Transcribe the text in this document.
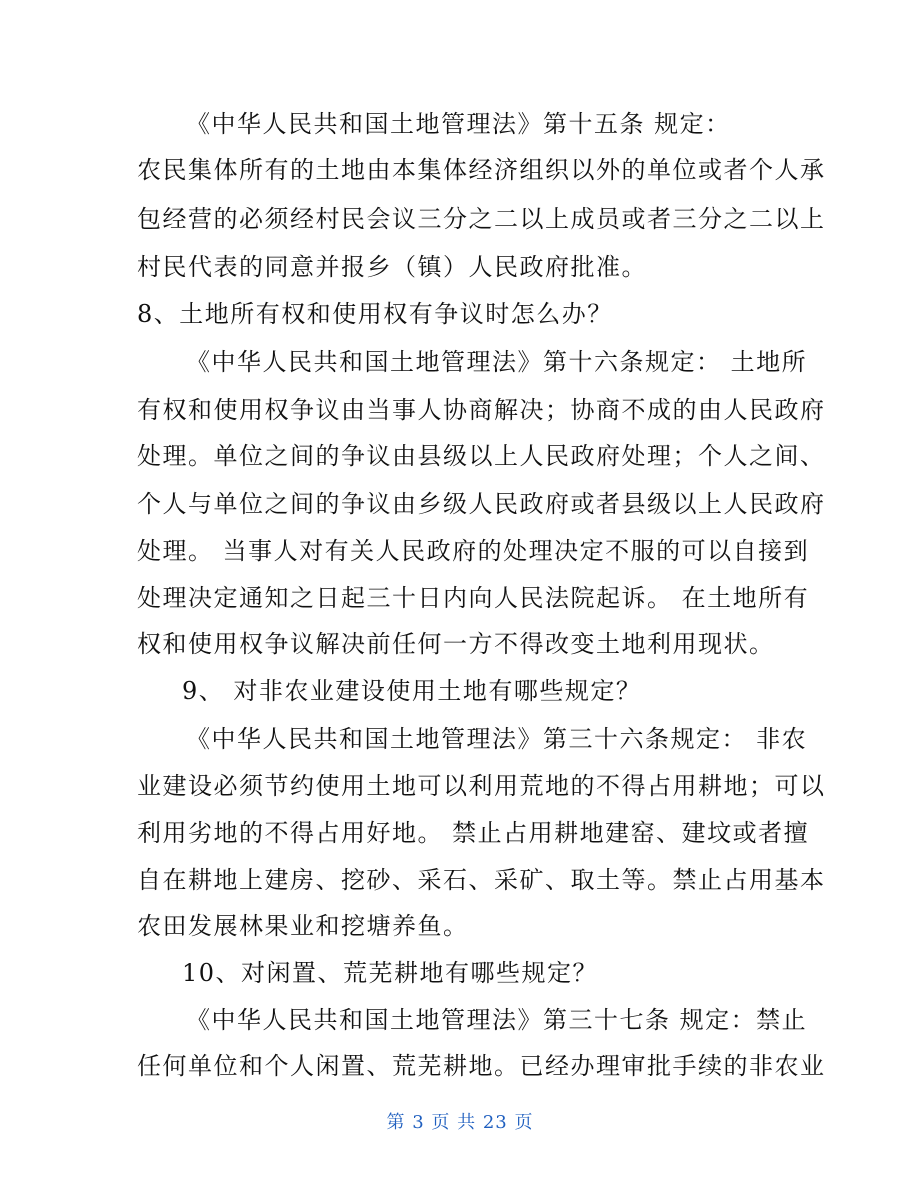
《中华人民共和国土地管理法》第十五条 规定：
农民集体所有的土地由本集体经济组织以外的单位或者个人承
包经营的必须经村民会议三分之二以上成员或者三分之二以上
村民代表的同意并报乡（镇）人民政府批准。
8、土地所有权和使用权有争议时怎么办？
《中华人民共和国土地管理法》第十六条规定： 土地所
有权和使用权争议由当事人协商解决；协商不成的由人民政府
处理。单位之间的争议由县级以上人民政府处理；个人之间、
个人与单位之间的争议由乡级人民政府或者县级以上人民政府
处理。 当事人对有关人民政府的处理决定不服的可以自接到
处理决定通知之日起三十日内向人民法院起诉。 在土地所有
权和使用权争议解决前任何一方不得改变土地利用现状。
9、 对非农业建设使用土地有哪些规定？
《中华人民共和国土地管理法》第三十六条规定： 非农
业建设必须节约使用土地可以利用荒地的不得占用耕地；可以
利用劣地的不得占用好地。 禁止占用耕地建窑、建坟或者擅
自在耕地上建房、挖砂、采石、采矿、取土等。禁止占用基本
农田发展林果业和挖塘养鱼。
10、对闲置、荒芜耕地有哪些规定？
《中华人民共和国土地管理法》第三十七条 规定：禁止
任何单位和个人闲置、荒芜耕地。已经办理审批手续的非农业
第 3 页 共 23 页
